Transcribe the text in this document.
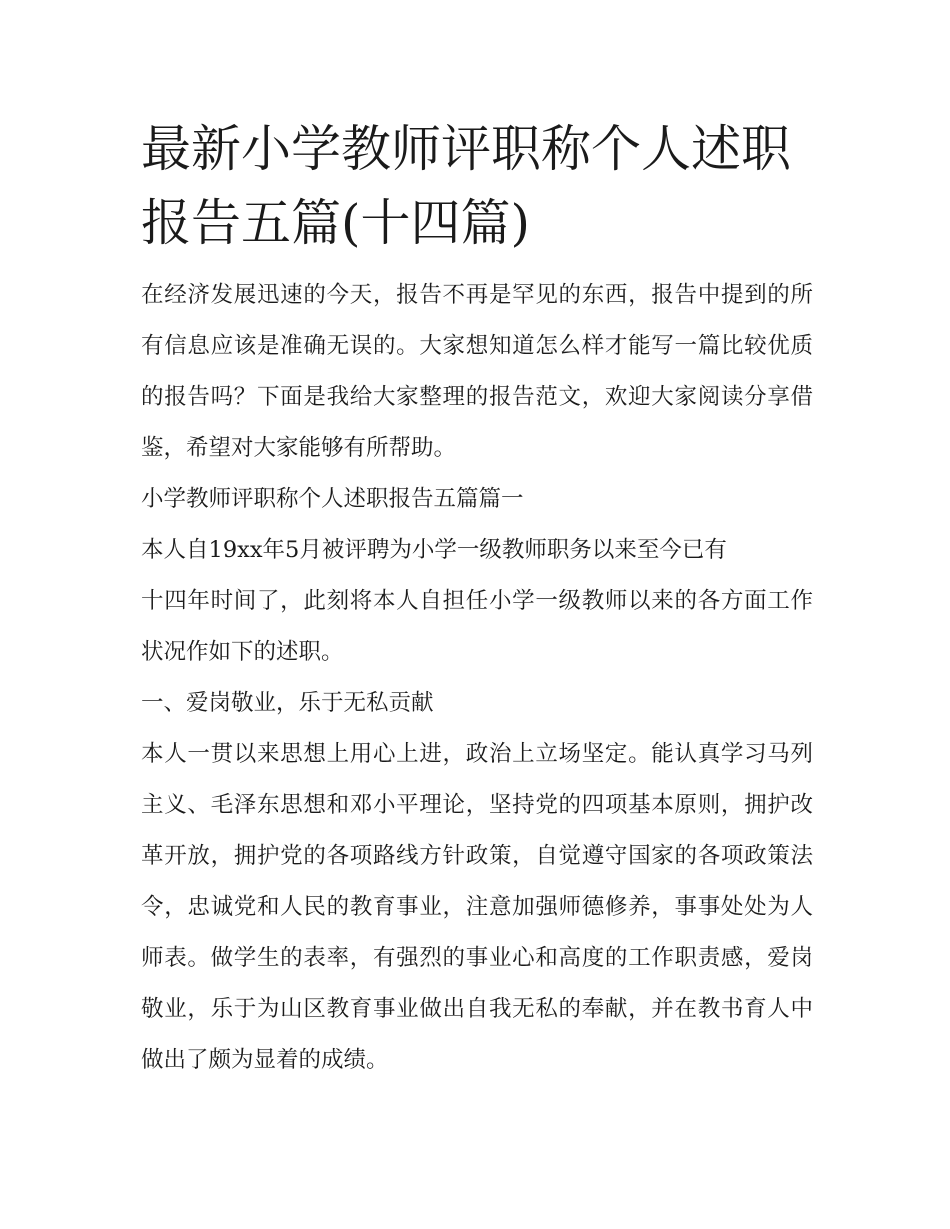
最新小学教师评职称个人述职报告五篇(十四篇)

在经济发展迅速的今天，报告不再是罕见的东西，报告中提到的所有信息应该是准确无误的。大家想知道怎么样才能写一篇比较优质的报告吗？下面是我给大家整理的报告范文，欢迎大家阅读分享借鉴，希望对大家能够有所帮助。

小学教师评职称个人述职报告五篇篇一

本人自19xx年5月被评聘为小学一级教师职务以来至今已有

十四年时间了，此刻将本人自担任小学一级教师以来的各方面工作状况作如下的述职。

一、爱岗敬业，乐于无私贡献

本人一贯以来思想上用心上进，政治上立场坚定。能认真学习马列主义、毛泽东思想和邓小平理论，坚持党的四项基本原则，拥护改革开放，拥护党的各项路线方针政策，自觉遵守国家的各项政策法令，忠诚党和人民的教育事业，注意加强师德修养，事事处处为人师表。做学生的表率，有强烈的事业心和高度的工作职责感，爱岗敬业，乐于为山区教育事业做出自我无私的奉献，并在教书育人中做出了颇为显着的成绩。
